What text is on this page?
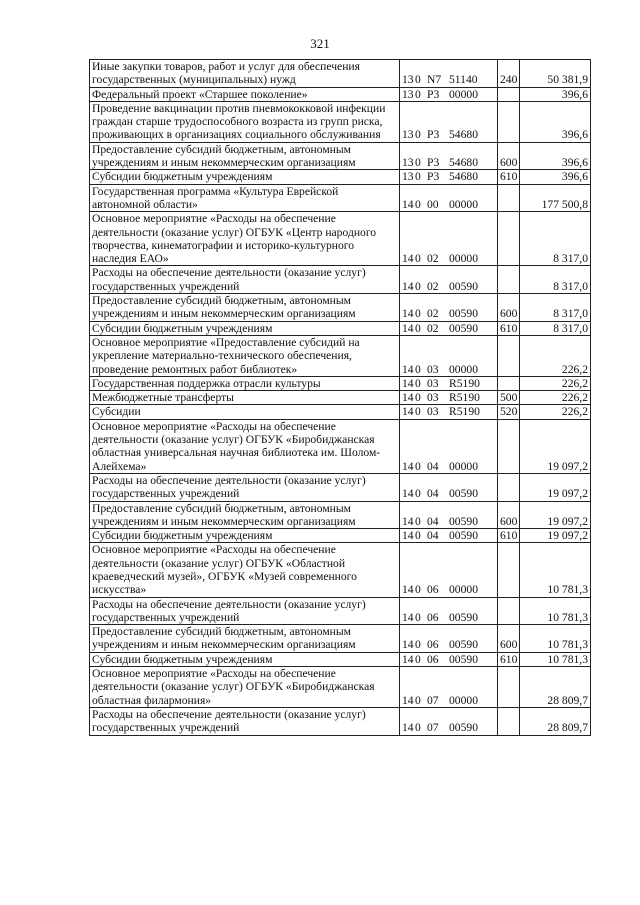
321
Иные закупки товаров, работ и услуг для обеспечения государственных (муниципальных) нужд	130 N7 51140	240	50 381,9
Федеральный проект «Старшее поколение»	130 P3 00000		396,6
Проведение вакцинации против пневмококковой инфекции граждан старше трудоспособного возраста из групп риска, проживающих в организациях социального обслуживания	130 P3 54680		396,6
Предоставление субсидий бюджетным, автономным учреждениям и иным некоммерческим организациям	130 P3 54680	600	396,6
Субсидии бюджетным учреждениям	130 P3 54680	610	396,6
Государственная программа «Культура Еврейской автономной области»	140 00 00000		177 500,8
Основное мероприятие «Расходы на обеспечение деятельности (оказание услуг) ОГБУК «Центр народного творчества, кинематографии и историко-культурного наследия ЕАО»	140 02 00000		8 317,0
Расходы на обеспечение деятельности (оказание услуг) государственных учреждений	140 02 00590		8 317,0
Предоставление субсидий бюджетным, автономным учреждениям и иным некоммерческим организациям	140 02 00590	600	8 317,0
Субсидии бюджетным учреждениям	140 02 00590	610	8 317,0
Основное мероприятие «Предоставление субсидий на укрепление материально-технического обеспечения, проведение ремонтных работ библиотек»	140 03 00000		226,2
Государственная поддержка отрасли культуры	140 03 R5190		226,2
Межбюджетные трансферты	140 03 R5190	500	226,2
Субсидии	140 03 R5190	520	226,2
Основное мероприятие «Расходы на обеспечение деятельности (оказание услуг) ОГБУК «Биробиджанская областная универсальная научная библиотека им. Шолом-Алейхема»	140 04 00000		19 097,2
Расходы на обеспечение деятельности (оказание услуг) государственных учреждений	140 04 00590		19 097,2
Предоставление субсидий бюджетным, автономным учреждениям и иным некоммерческим организациям	140 04 00590	600	19 097,2
Субсидии бюджетным учреждениям	140 04 00590	610	19 097,2
Основное мероприятие «Расходы на обеспечение деятельности (оказание услуг) ОГБУК «Областной краеведческий музей», ОГБУК «Музей современного искусства»	140 06 00000		10 781,3
Расходы на обеспечение деятельности (оказание услуг) государственных учреждений	140 06 00590		10 781,3
Предоставление субсидий бюджетным, автономным учреждениям и иным некоммерческим организациям	140 06 00590	600	10 781,3
Субсидии бюджетным учреждениям	140 06 00590	610	10 781,3
Основное мероприятие «Расходы на обеспечение деятельности (оказание услуг) ОГБУК «Биробиджанская областная филармония»	140 07 00000		28 809,7
Расходы на обеспечение деятельности (оказание услуг) государственных учреждений	140 07 00590		28 809,7
